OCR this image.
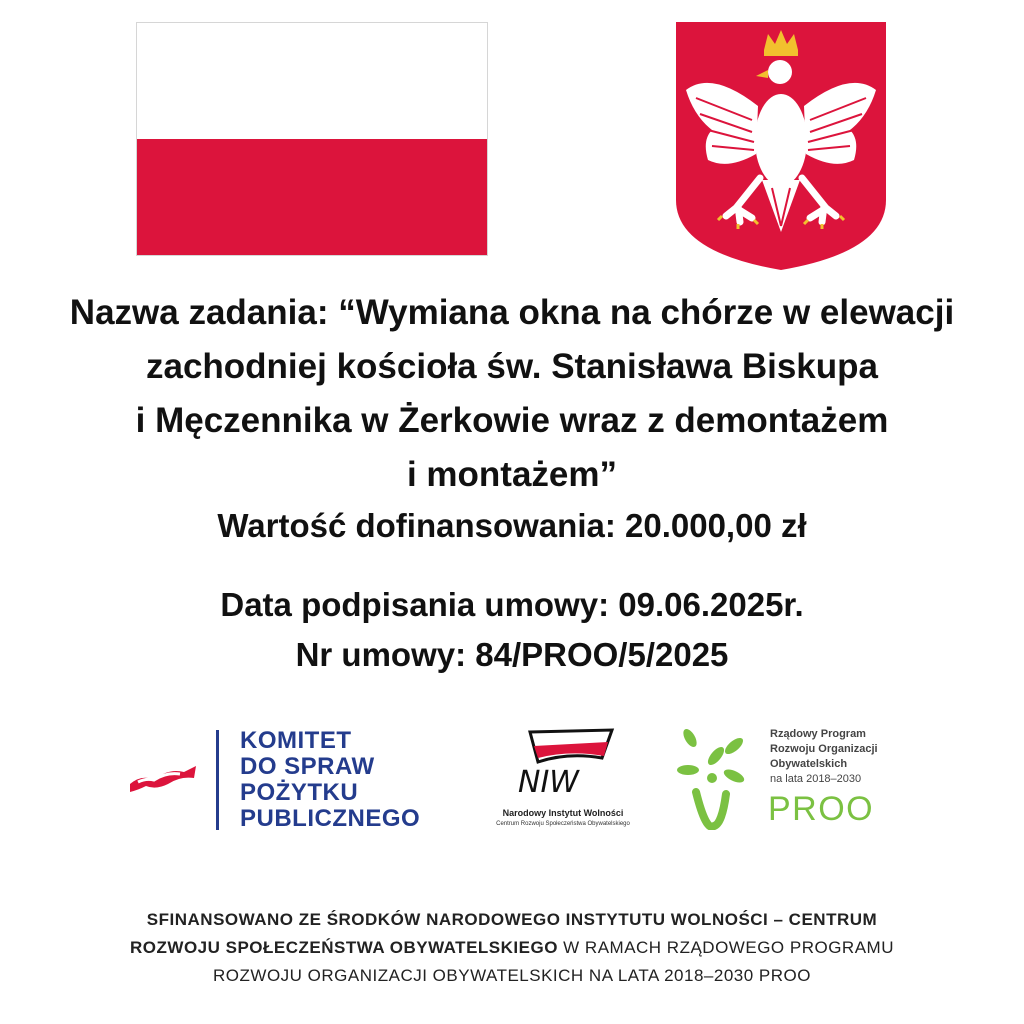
Nazwa zadania: “Wymiana okna na chórze w elewacji
zachodniej kościoła św. Stanisława Biskupa
i Męczennika w Żerkowie wraz z demontażem
i montażem”
Wartość dofinansowania: 20.000,00 zł
Data podpisania umowy: 09.06.2025r.
Nr umowy: 84/PROO/5/2025
KOMITET
DO SPRAW
POŻYTKU
PUBLICZNEGO
NIW
Narodowy Instytut Wolności
Centrum Rozwoju Społeczeństwa Obywatelskiego
Rządowy Program
Rozwoju Organizacji
Obywatelskich
na lata 2018–2030
PROO
SFINANSOWANO ZE ŚRODKÓW NARODOWEGO INSTYTUTU WOLNOŚCI – CENTRUM
ROZWOJU SPOŁECZEŃSTWA OBYWATELSKIEGO W RAMACH RZĄDOWEGO PROGRAMU
ROZWOJU ORGANIZACJI OBYWATELSKICH NA LATA 2018–2030 PROO
